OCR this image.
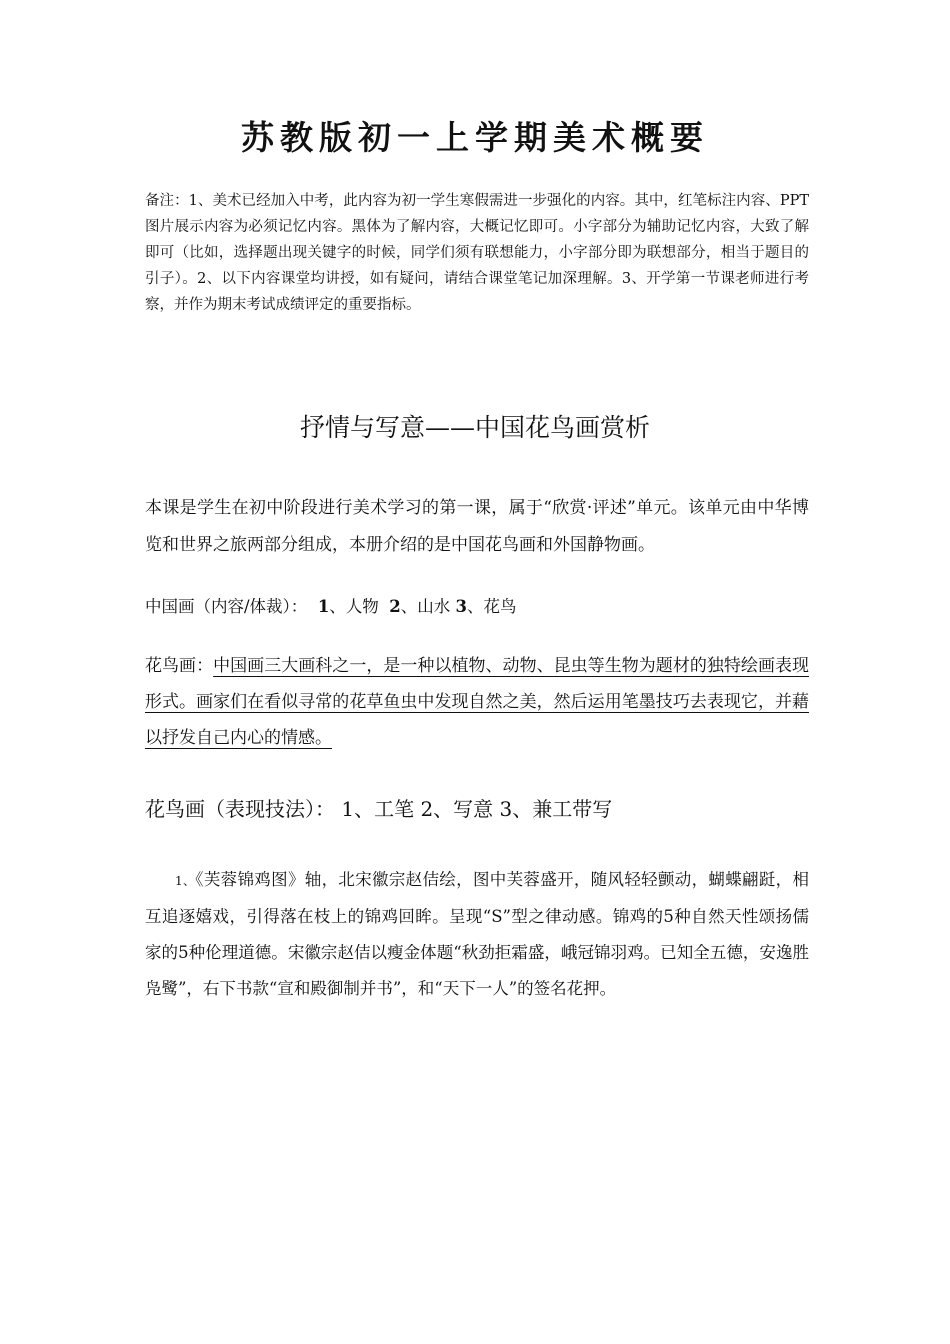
苏教版初一上学期美术概要
备注：1、美术已经加入中考，此内容为初一学生寒假需进一步强化的内容。其中，红笔标注内容、PPT图片展示内容为必须记忆内容。黑体为了解内容，大概记忆即可。小字部分为辅助记忆内容，大致了解即可（比如，选择题出现关键字的时候，同学们须有联想能力，小字部分即为联想部分，相当于题目的引子）。2、以下内容课堂均讲授，如有疑问，请结合课堂笔记加深理解。3、开学第一节课老师进行考察，并作为期末考试成绩评定的重要指标。
抒情与写意——中国花鸟画赏析
本课是学生在初中阶段进行美术学习的第一课，属于“欣赏·评述”单元。该单元由中华博览和世界之旅两部分组成，本册介绍的是中国花鸟画和外国静物画。
中国画（内容/体裁）： 1、人物 2、山水 3、花鸟
花鸟画：中国画三大画科之一，是一种以植物、动物、昆虫等生物为题材的独特绘画表现形式。画家们在看似寻常的花草鱼虫中发现自然之美，然后运用笔墨技巧去表现它，并藉以抒发自己内心的情感。
花鸟画（表现技法）： 1、工笔 2、写意 3、兼工带写
1、《芙蓉锦鸡图》轴，北宋徽宗赵佶绘，图中芙蓉盛开，随风轻轻颤动，蝴蝶翩跹，相互追逐嬉戏，引得落在枝上的锦鸡回眸。呈现“S”型之律动感。锦鸡的5种自然天性颂扬儒家的5种伦理道德。宋徽宗赵佶以瘦金体题“秋劲拒霜盛，峨冠锦羽鸡。已知全五德，安逸胜凫鹭”，右下书款“宣和殿御制并书”，和“天下一人”的签名花押。
